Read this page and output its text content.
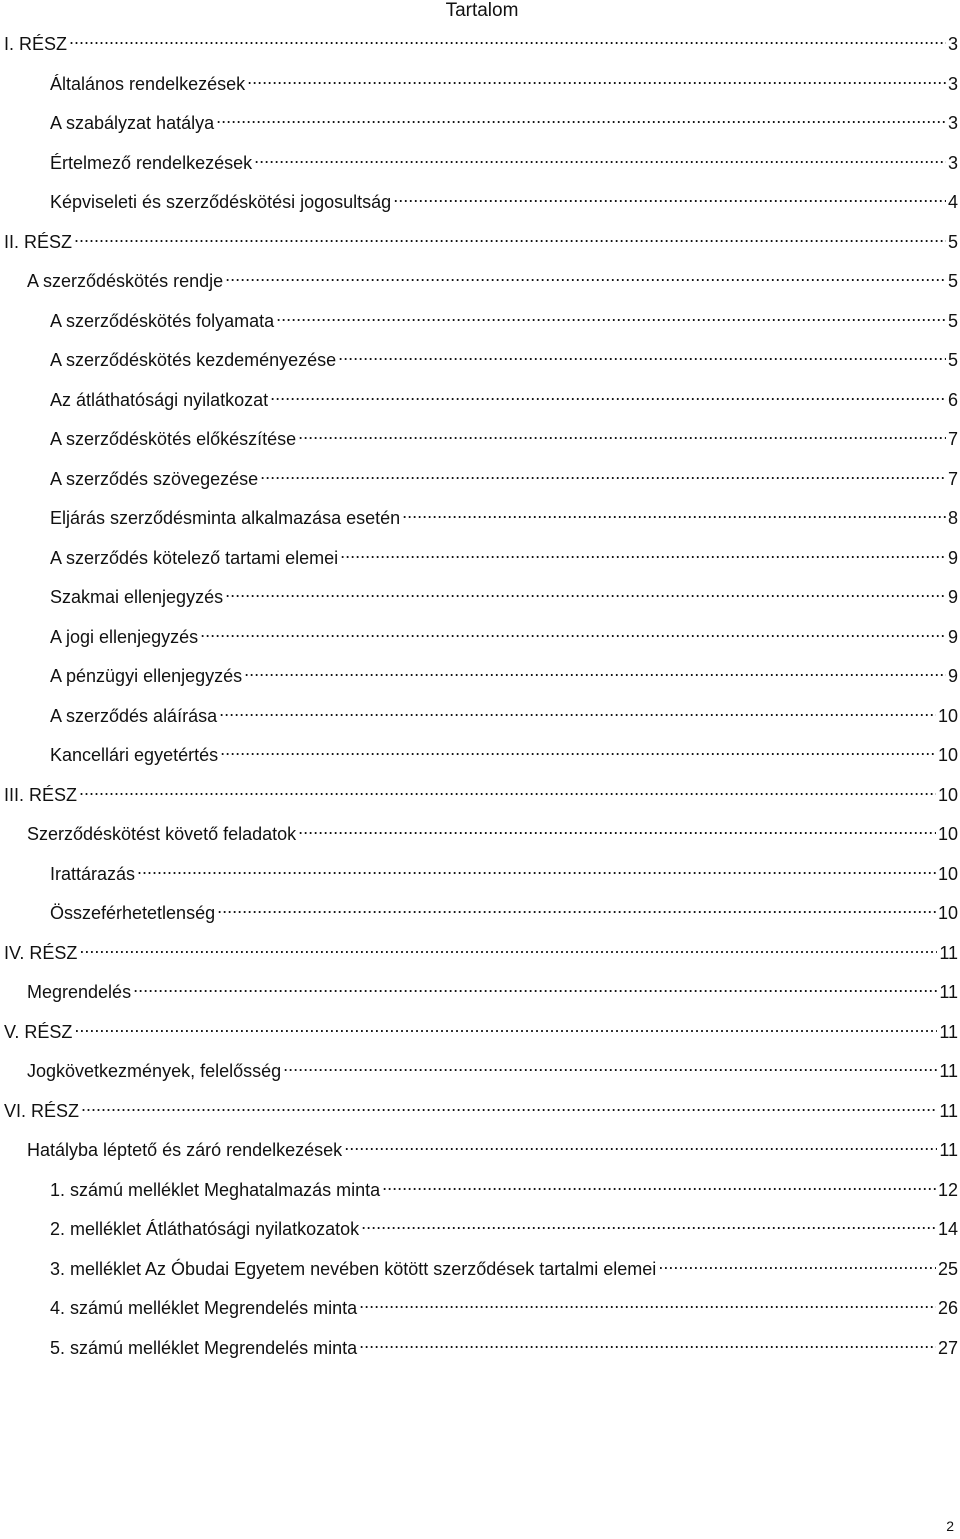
Tartalom
I. RÉSZ .....	3
Általános rendelkezések .....	3
A szabályzat hatálya .....	3
Értelmező rendelkezések .....	3
Képviseleti és szerződéskötési jogosultság .....	4
II. RÉSZ .....	5
A szerződéskötés rendje .....	5
A szerződéskötés folyamata .....	5
A szerződéskötés kezdeményezése .....	5
Az átláthatósági nyilatkozat .....	6
A szerződéskötés előkészítése .....	7
A szerződés szövegezése .....	7
Eljárás szerződésminta alkalmazása esetén .....	8
A szerződés kötelező tartami elemei .....	9
Szakmai ellenjegyzés .....	9
A jogi ellenjegyzés .....	9
A pénzügyi ellenjegyzés .....	9
A szerződés aláírása .....	10
Kancellári egyetértés .....	10
III. RÉSZ .....	10
Szerződéskötést követő feladatok .....	10
Irattárazás .....	10
Összeférhetetlenség .....	10
IV. RÉSZ .....	11
Megrendelés .....	11
V. RÉSZ .....	11
Jogkövetkezmények, felelősség .....	11
VI. RÉSZ .....	11
Hatályba léptető és záró rendelkezések .....	11
1. számú melléklet Meghatalmazás minta .....	12
2. melléklet Átláthatósági nyilatkozatok .....	14
3. melléklet Az Óbudai Egyetem nevében kötött szerződések tartalmi elemei .....	25
4. számú melléklet Megrendelés minta .....	26
5. számú melléklet Megrendelés minta .....	27
2
